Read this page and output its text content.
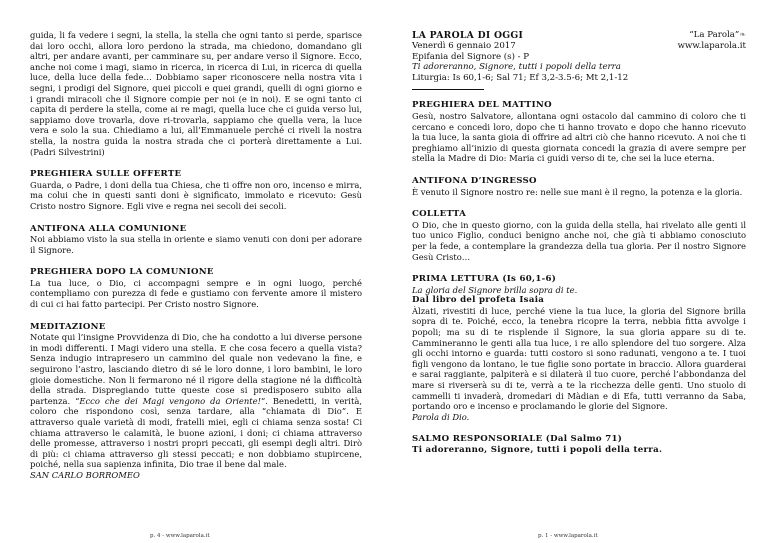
guida, li fa vedere i segni, la stella, la stella che ogni tanto si perde, sparisce dai loro occhi, allora loro perdono la strada, ma chiedono, domandano gli altri, per andare avanti, per camminare su, per andare verso il Signore. Ecco, anche noi come i magi, siamo in ricerca, in ricerca di Lui, in ricerca di quella luce, della luce della fede… Dobbiamo saper riconoscere nella nostra vita i segni, i prodigi del Signore, quei piccoli e quei grandi, quelli di ogni giorno e i grandi miracoli che il Signore compie per noi (e in noi). E se ogni tanto ci capita di perdere la stella, come ai re magi, quella luce che ci guida verso lui, sappiamo dove trovarla, dove ri-trovarla, sappiamo che quella vera, la luce vera e solo la sua. Chiediamo a lui, all’Emmanuele perché ci riveli la nostra stella, la nostra guida la nostra strada che ci porterà direttamente a Lui. (Padri Silvestrini)

PREGHIERA SULLE OFFERTE

Guarda, o Padre, i doni della tua Chiesa, che ti offre non oro, incenso e mirra, ma colui che in questi santi doni è significato, immolato e ricevuto: Gesù Cristo nostro Signore. Egli vive e regna nei secoli dei secoli.

ANTIFONA ALLA COMUNIONE

Noi abbiamo visto la sua stella in oriente e siamo venuti con doni per adorare il Signore.

PREGHIERA DOPO LA COMUNIONE

La tua luce, o Dio, ci accompagni sempre e in ogni luogo, perché contempliamo con purezza di fede e gustiamo con fervente amore il mistero di cui ci hai fatto partecipi. Per Cristo nostro Signore.

MEDITAZIONE

Notate qui l’insigne Provvidenza di Dio, che ha condotto a lui diverse persone in modi differenti. I Magi videro una stella. E che cosa fecero a quella vista? Senza indugio intrapresero un cammino del quale non vedevano la fine, e seguirono l’astro, lasciando dietro di sé le loro donne, i loro bambini, le loro gioie domestiche. Non li fermarono né il rigore della stagione né la difficoltà della strada. Dispregiando tutte queste cose si predisposero subito alla partenza. “Ecco che dei Magi vengono da Oriente!”. Benedetti, in verità, coloro che rispondono così, senza tardare, alla “chiamata di Dio”. E attraverso quale varietà di modi, fratelli miei, egli ci chiama senza sosta! Ci chiama attraverso le calamità, le buone azioni, i doni; ci chiama attraverso delle promesse, attraverso i nostri propri peccati, gli esempi degli altri. Dirò di più: ci chiama attraverso gli stessi peccati; e non dobbiamo stupircene, poiché, nella sua sapienza infinita, Dio trae il bene dal male.

SAN CARLO BORROMEO

LA PAROLA DI OGGI

Venerdì 6 gennaio 2017

Epifania del Signore (s) - P

Ti adoreranno, Signore, tutti i popoli della terra

Liturgia: Is 60,1-6; Sal 71; Ef 3,2-3.5-6; Mt 2,1-12

“La Parola”❧
www.laparola.it

PREGHIERA DEL MATTINO

Gesù, nostro Salvatore, allontana ogni ostacolo dal cammino di coloro che ti cercano e concedi loro, dopo che ti hanno trovato e dopo che hanno ricevuto la tua luce, la santa gioia di offrire ad altri ciò che hanno ricevuto. A noi che ti preghiamo all’inizio di questa giornata concedi la grazia di avere sempre per stella la Madre di Dio: Maria ci guidi verso di te, che sei la luce eterna.

ANTIFONA D’INGRESSO

È venuto il Signore nostro re: nelle sue mani è il regno, la potenza e la gloria.

COLLETTA

O Dio, che in questo giorno, con la guida della stella, hai rivelato alle genti il tuo unico Figlio, conduci benigno anche noi, che già ti abbiamo conosciuto per la fede, a contemplare la grandezza della tua gloria. Per il nostro Signore Gesù Cristo…

PRIMA LETTURA (Is 60,1-6)

La gloria del Signore brilla sopra di te.

Dal libro del profeta Isaia

Àlzati, rivestiti di luce, perché viene la tua luce, la gloria del Signore brilla sopra di te. Poiché, ecco, la tenebra ricopre la terra, nebbia fitta avvolge i popoli; ma su di te risplende il Signore, la sua gloria appare su di te. Cammineranno le genti alla tua luce, i re allo splendore del tuo sorgere. Alza gli occhi intorno e guarda: tutti costoro si sono radunati, vengono a te. I tuoi figli vengono da lontano, le tue figlie sono portate in braccio. Allora guarderai e sarai raggiante, palpiterà e si dilaterà il tuo cuore, perché l’abbondanza del mare si riverserà su di te, verrà a te la ricchezza delle genti. Uno stuolo di cammelli ti invaderà, dromedari di Màdian e di Efa, tutti verranno da Saba, portando oro e incenso e proclamando le glorie del Signore.

Parola di Dio.

SALMO RESPONSORIALE (Dal Salmo 71)

Ti adoreranno, Signore, tutti i popoli della terra.

p. 4 - www.laparola.it	p. 1 - www.laparola.it
